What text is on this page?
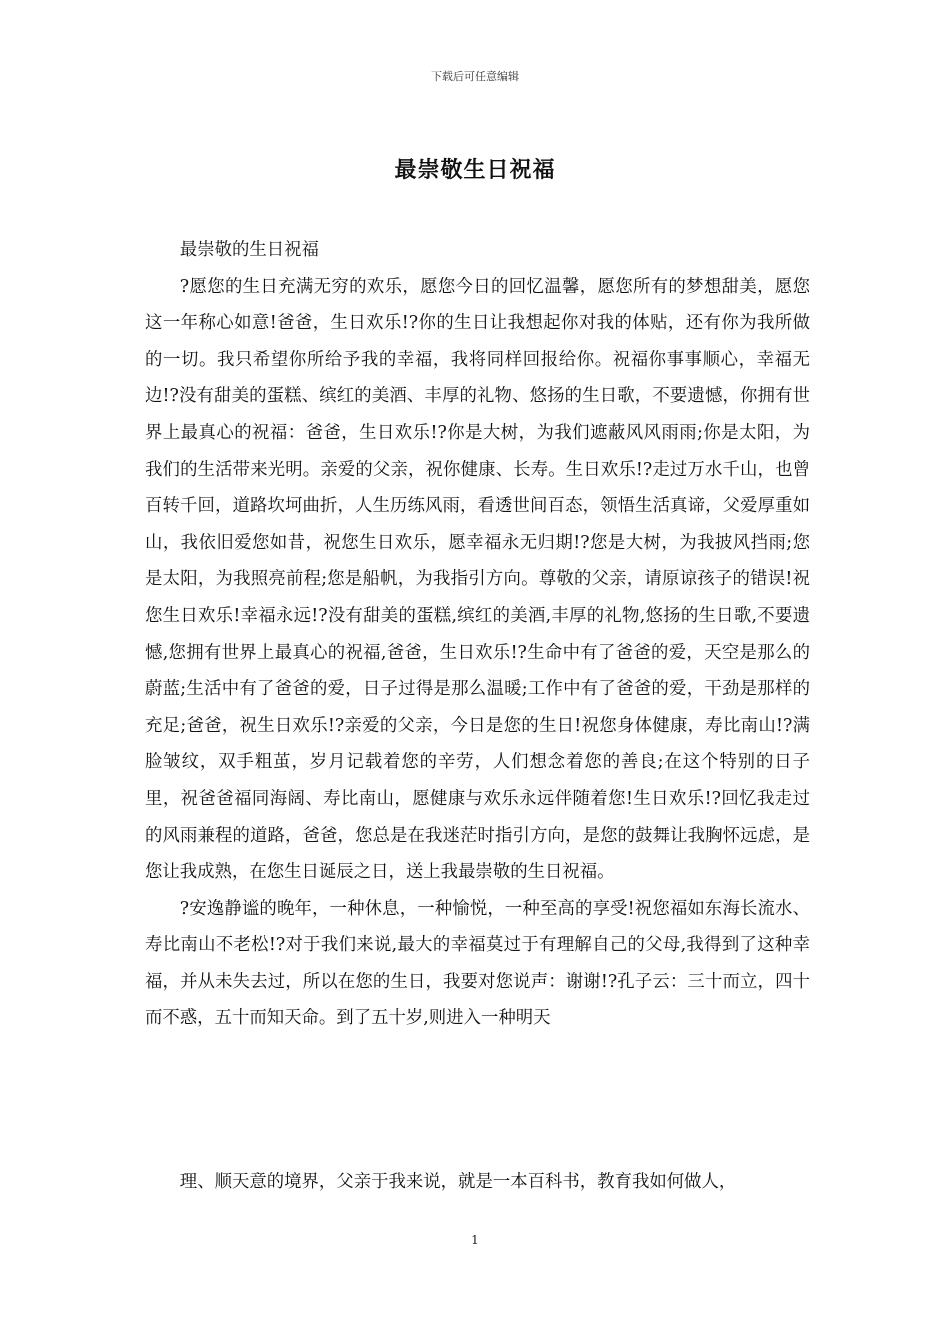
下载后可任意编辑
最崇敬生日祝福

最崇敬的生日祝福

?愿您的生日充满无穷的欢乐，愿您今日的回忆温馨，愿您所有的梦想甜美，愿您这一年称心如意!爸爸，生日欢乐!?你的生日让我想起你对我的体贴，还有你为我所做的一切。我只希望你所给予我的幸福，我将同样回报给你。祝福你事事顺心，幸福无边!?没有甜美的蛋糕、缤红的美酒、丰厚的礼物、悠扬的生日歌，不要遗憾，你拥有世界上最真心的祝福：爸爸，生日欢乐!?你是大树，为我们遮蔽风风雨雨;你是太阳，为我们的生活带来光明。亲爱的父亲，祝你健康、长寿。生日欢乐!?走过万水千山，也曾百转千回，道路坎坷曲折，人生历练风雨，看透世间百态，领悟生活真谛，父爱厚重如山，我依旧爱您如昔，祝您生日欢乐，愿幸福永无归期!?您是大树，为我披风挡雨;您是太阳，为我照亮前程;您是船帆，为我指引方向。尊敬的父亲，请原谅孩子的错误!祝您生日欢乐!幸福永远!?没有甜美的蛋糕,缤红的美酒,丰厚的礼物,悠扬的生日歌,不要遗憾,您拥有世界上最真心的祝福,爸爸，生日欢乐!?生命中有了爸爸的爱，天空是那么的蔚蓝;生活中有了爸爸的爱，日子过得是那么温暖;工作中有了爸爸的爱，干劲是那样的充足;爸爸，祝生日欢乐!?亲爱的父亲，今日是您的生日!祝您身体健康，寿比南山!?满脸皱纹，双手粗茧，岁月记载着您的辛劳，人们想念着您的善良;在这个特别的日子里，祝爸爸福同海阔、寿比南山，愿健康与欢乐永远伴随着您!生日欢乐!?回忆我走过的风雨兼程的道路，爸爸，您总是在我迷茫时指引方向，是您的鼓舞让我胸怀远虑，是您让我成熟，在您生日诞辰之日，送上我最崇敬的生日祝福。

?安逸静谧的晚年，一种休息，一种愉悦，一种至高的享受!祝您福如东海长流水、寿比南山不老松!?对于我们来说,最大的幸福莫过于有理解自己的父母,我得到了这种幸福，并从未失去过，所以在您的生日，我要对您说声：谢谢!?孔子云：三十而立，四十而不惑，五十而知天命。到了五十岁,则进入一种明天

理、顺天意的境界，父亲于我来说，就是一本百科书，教育我如何做人，
1
